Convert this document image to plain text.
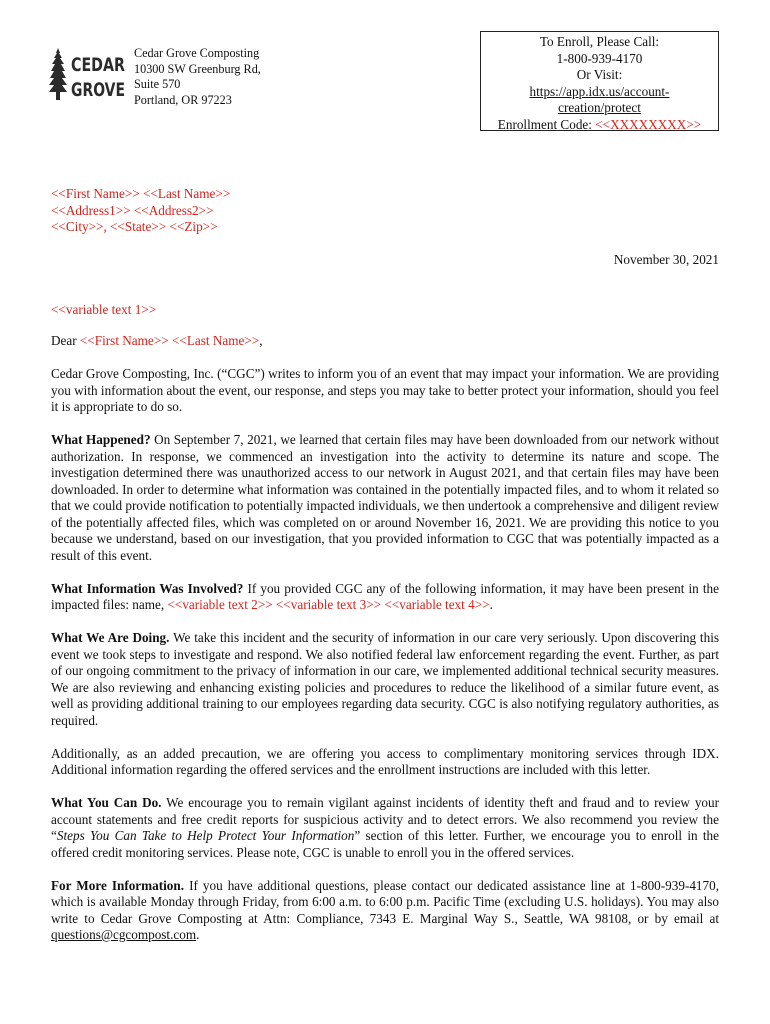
CEDAR
GROVE
Cedar Grove Composting
10300 SW Greenburg Rd,
Suite 570
Portland, OR 97223
To Enroll, Please Call:
1-800-939-4170
Or Visit:
https://app.idx.us/account-
creation/protect
Enrollment Code: <<XXXXXXXX>>
<<First Name>> <<Last Name>>
<<Address1>> <<Address2>>
<<City>>, <<State>> <<Zip>>
November 30, 2021
<<variable text 1>>

Dear <<First Name>> <<Last Name>>,

Cedar Grove Composting, Inc. (“CGC”) writes to inform you of an event that may impact your information. We are providing you with information about the event, our response, and steps you may take to better protect your information, should you feel it is appropriate to do so.

What Happened? On September 7, 2021, we learned that certain files may have been downloaded from our network without authorization. In response, we commenced an investigation into the activity to determine its nature and scope. The investigation determined there was unauthorized access to our network in August 2021, and that certain files may have been downloaded. In order to determine what information was contained in the potentially impacted files, and to whom it related so that we could provide notification to potentially impacted individuals, we then undertook a comprehensive and diligent review of the potentially affected files, which was completed on or around November 16, 2021. We are providing this notice to you because we understand, based on our investigation, that you provided information to CGC that was potentially impacted as a result of this event.

What Information Was Involved? If you provided CGC any of the following information, it may have been present in the impacted files: name, <<variable text 2>> <<variable text 3>> <<variable text 4>>.

What We Are Doing. We take this incident and the security of information in our care very seriously. Upon discovering this event we took steps to investigate and respond. We also notified federal law enforcement regarding the event. Further, as part of our ongoing commitment to the privacy of information in our care, we implemented additional technical security measures. We are also reviewing and enhancing existing policies and procedures to reduce the likelihood of a similar future event, as well as providing additional training to our employees regarding data security. CGC is also notifying regulatory authorities, as required.

Additionally, as an added precaution, we are offering you access to complimentary monitoring services through IDX. Additional information regarding the offered services and the enrollment instructions are included with this letter.

What You Can Do. We encourage you to remain vigilant against incidents of identity theft and fraud and to review your account statements and free credit reports for suspicious activity and to detect errors. We also recommend you review the “Steps You Can Take to Help Protect Your Information” section of this letter. Further, we encourage you to enroll in the offered credit monitoring services. Please note, CGC is unable to enroll you in the offered services.

For More Information. If you have additional questions, please contact our dedicated assistance line at 1-800-939-4170, which is available Monday through Friday, from 6:00 a.m. to 6:00 p.m. Pacific Time (excluding U.S. holidays). You may also write to Cedar Grove Composting at Attn: Compliance, 7343 E. Marginal Way S., Seattle, WA 98108, or by email at questions@cgcompost.com.
